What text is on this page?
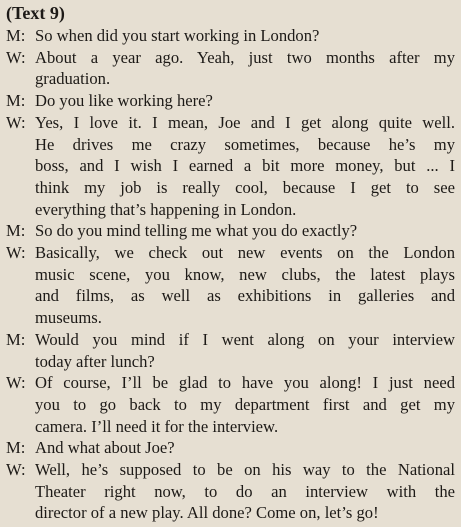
(Text 9)
M: So when did you start working in London?
W: About a year ago. Yeah, just two months after my
graduation.
M: Do you like working here?
W: Yes, I love it. I mean, Joe and I get along quite well.
He drives me crazy sometimes, because he’s my
boss, and I wish I earned a bit more money, but ... I
think my job is really cool, because I get to see
everything that’s happening in London.
M: So do you mind telling me what you do exactly?
W: Basically, we check out new events on the London
music scene, you know, new clubs, the latest plays
and films, as well as exhibitions in galleries and
museums.
M: Would you mind if I went along on your interview
today after lunch?
W: Of course, I’ll be glad to have you along! I just need
you to go back to my department first and get my
camera. I’ll need it for the interview.
M: And what about Joe?
W: Well, he’s supposed to be on his way to the National
Theater right now, to do an interview with the
director of a new play. All done? Come on, let’s go!
